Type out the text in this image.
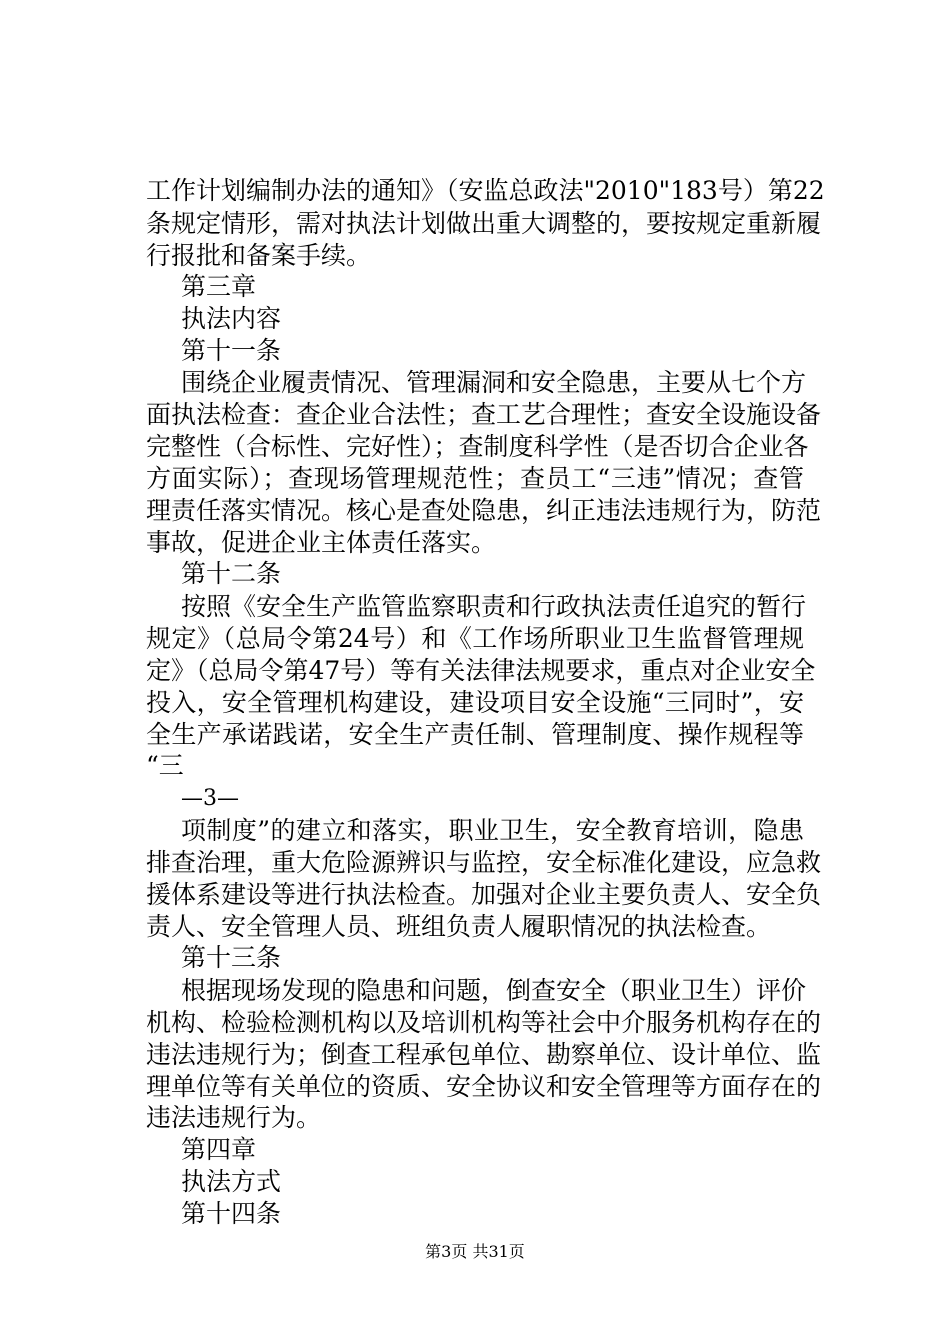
工作计划编制办法的通知》（安监总政法"2010"183号）第22
条规定情形，需对执法计划做出重大调整的，要按规定重新履
行报批和备案手续。
第三章
执法内容
第十一条
围绕企业履责情况、管理漏洞和安全隐患，主要从七个方
面执法检查：查企业合法性；查工艺合理性；查安全设施设备
完整性（合标性、完好性）；查制度科学性（是否切合企业各
方面实际）；查现场管理规范性；查员工“三违”情况；查管
理责任落实情况。核心是查处隐患，纠正违法违规行为，防范
事故，促进企业主体责任落实。
第十二条
按照《安全生产监管监察职责和行政执法责任追究的暂行
规定》（总局令第24号）和《工作场所职业卫生监督管理规
定》（总局令第47号）等有关法律法规要求，重点对企业安全
投入，安全管理机构建设，建设项目安全设施“三同时”，安
全生产承诺践诺，安全生产责任制、管理制度、操作规程等
“三
—3—
项制度”的建立和落实，职业卫生，安全教育培训，隐患
排查治理，重大危险源辨识与监控，安全标准化建设，应急救
援体系建设等进行执法检查。加强对企业主要负责人、安全负
责人、安全管理人员、班组负责人履职情况的执法检查。
第十三条
根据现场发现的隐患和问题，倒查安全（职业卫生）评价
机构、检验检测机构以及培训机构等社会中介服务机构存在的
违法违规行为；倒查工程承包单位、勘察单位、设计单位、监
理单位等有关单位的资质、安全协议和安全管理等方面存在的
违法违规行为。
第四章
执法方式
第十四条
第3页 共31页
